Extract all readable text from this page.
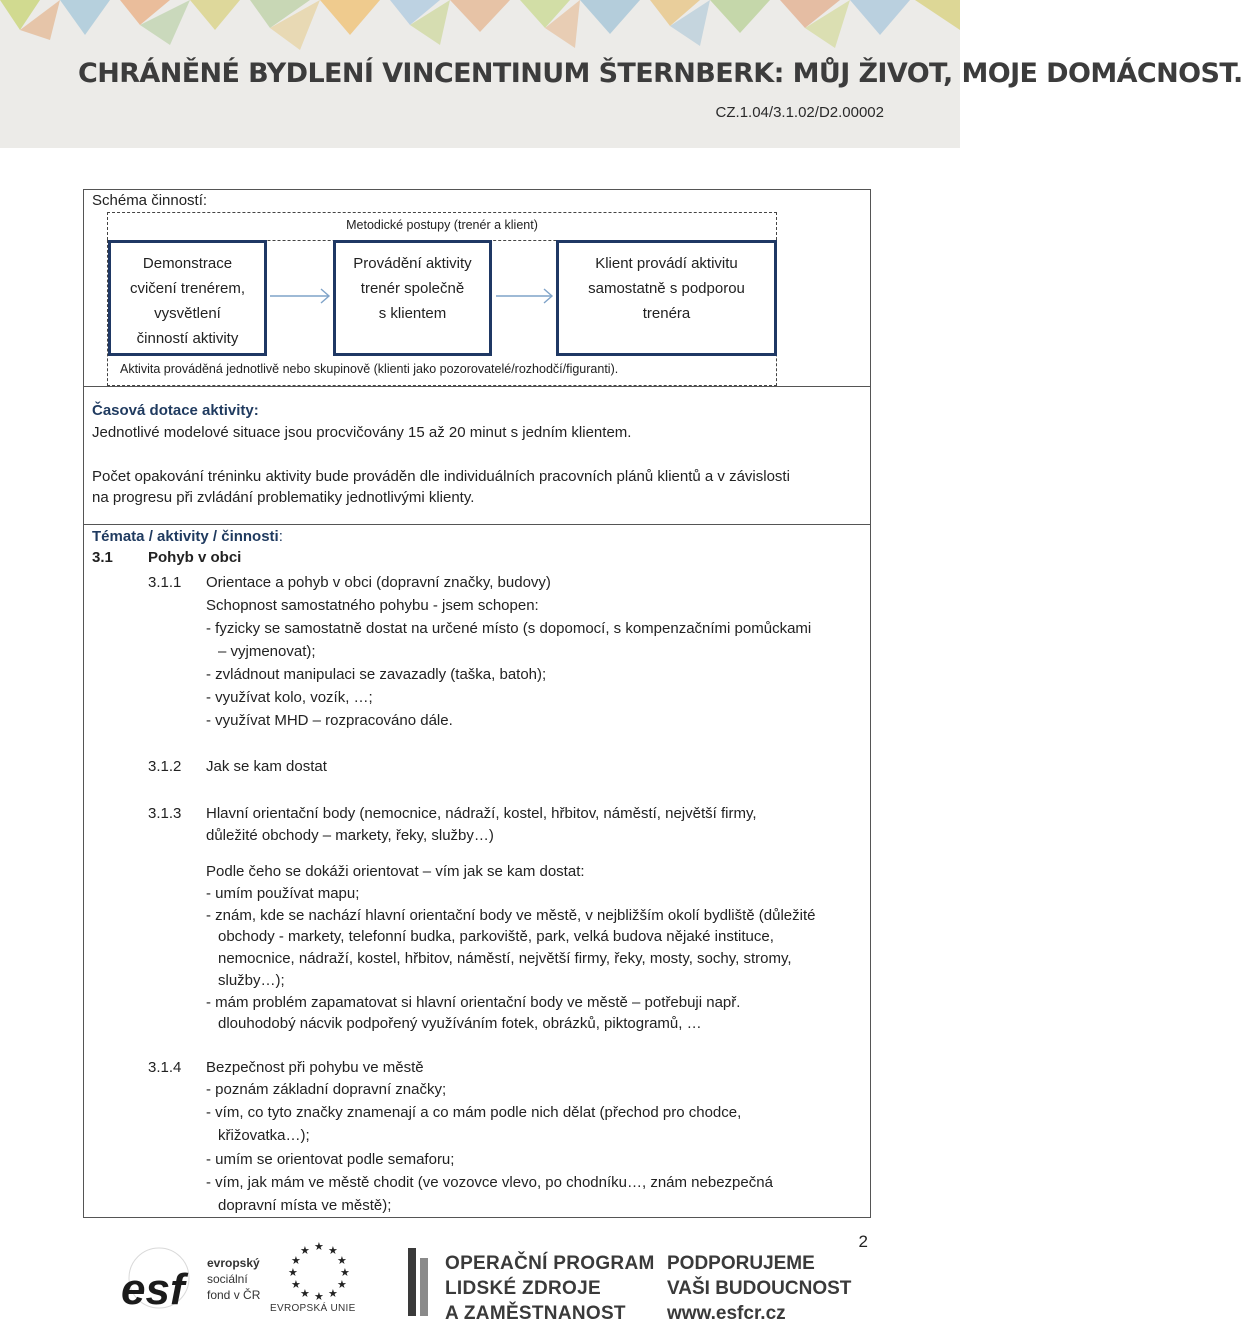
CHRÁNĚNÉ BYDLENÍ VINCENTINUM ŠTERNBERK: MŮJ ŽIVOT, MOJE DOMÁCNOST.
CZ.1.04/3.1.02/D2.00002
Schéma činností:
Metodické postupy (trenér a klient)
Demonstrace
cvičení trenérem,
vysvětlení
činností aktivity
Provádění aktivity
trenér společně
s klientem
Klient provádí aktivitu
samostatně s podporou
trenéra
Aktivita prováděná jednotlivě nebo skupinově (klienti jako pozorovatelé/rozhodčí/figuranti).
Časová dotace aktivity:
Jednotlivé modelové situace jsou procvičovány 15 až 20 minut s jedním klientem.
Počet opakování tréninku aktivity bude prováděn dle individuálních pracovních plánů klientů a v závislosti
na progresu při zvládání problematiky jednotlivými klienty.
Témata / aktivity / činnosti:
3.1 Pohyb v obci
3.1.1 Orientace a pohyb v obci (dopravní značky, budovy)
Schopnost samostatného pohybu - jsem schopen:
- fyzicky se samostatně dostat na určené místo (s dopomocí, s kompenzačními pomůckami
– vyjmenovat);
- zvládnout manipulaci se zavazadly (taška, batoh);
- využívat kolo, vozík, …;
- využívat MHD – rozpracováno dále.
3.1.2 Jak se kam dostat
3.1.3 Hlavní orientační body (nemocnice, nádraží, kostel, hřbitov, náměstí, největší firmy,
důležité obchody – markety, řeky, služby…)
Podle čeho se dokáži orientovat – vím jak se kam dostat:
- umím používat mapu;
- znám, kde se nachází hlavní orientační body ve městě, v nejbližším okolí bydliště (důležité
obchody - markety, telefonní budka, parkoviště, park, velká budova nějaké instituce,
nemocnice, nádraží, kostel, hřbitov, náměstí, největší firmy, řeky, mosty, sochy, stromy,
služby…);
- mám problém zapamatovat si hlavní orientační body ve městě – potřebuji např.
dlouhodobý nácvik podpořený využíváním fotek, obrázků, piktogramů, …
3.1.4 Bezpečnost při pohybu ve městě
- poznám základní dopravní značky;
- vím, co tyto značky znamenají a co mám podle nich dělat (přechod pro chodce,
křižovatka…);
- umím se orientovat podle semaforu;
- vím, jak mám ve městě chodit (ve vozovce vlevo, po chodníku…, znám nebezpečná
dopravní místa ve městě);
2
esf
evropský
sociální
fond v ČR
★ ★
★
★
★
★
★
★
★
★
★
★
EVROPSKÁ UNIE
OPERAČNÍ PROGRAM
LIDSKÉ ZDROJE
A ZAMĚSTNANOST
PODPORUJEME
VAŠI BUDOUCNOST
www.esfcr.cz
